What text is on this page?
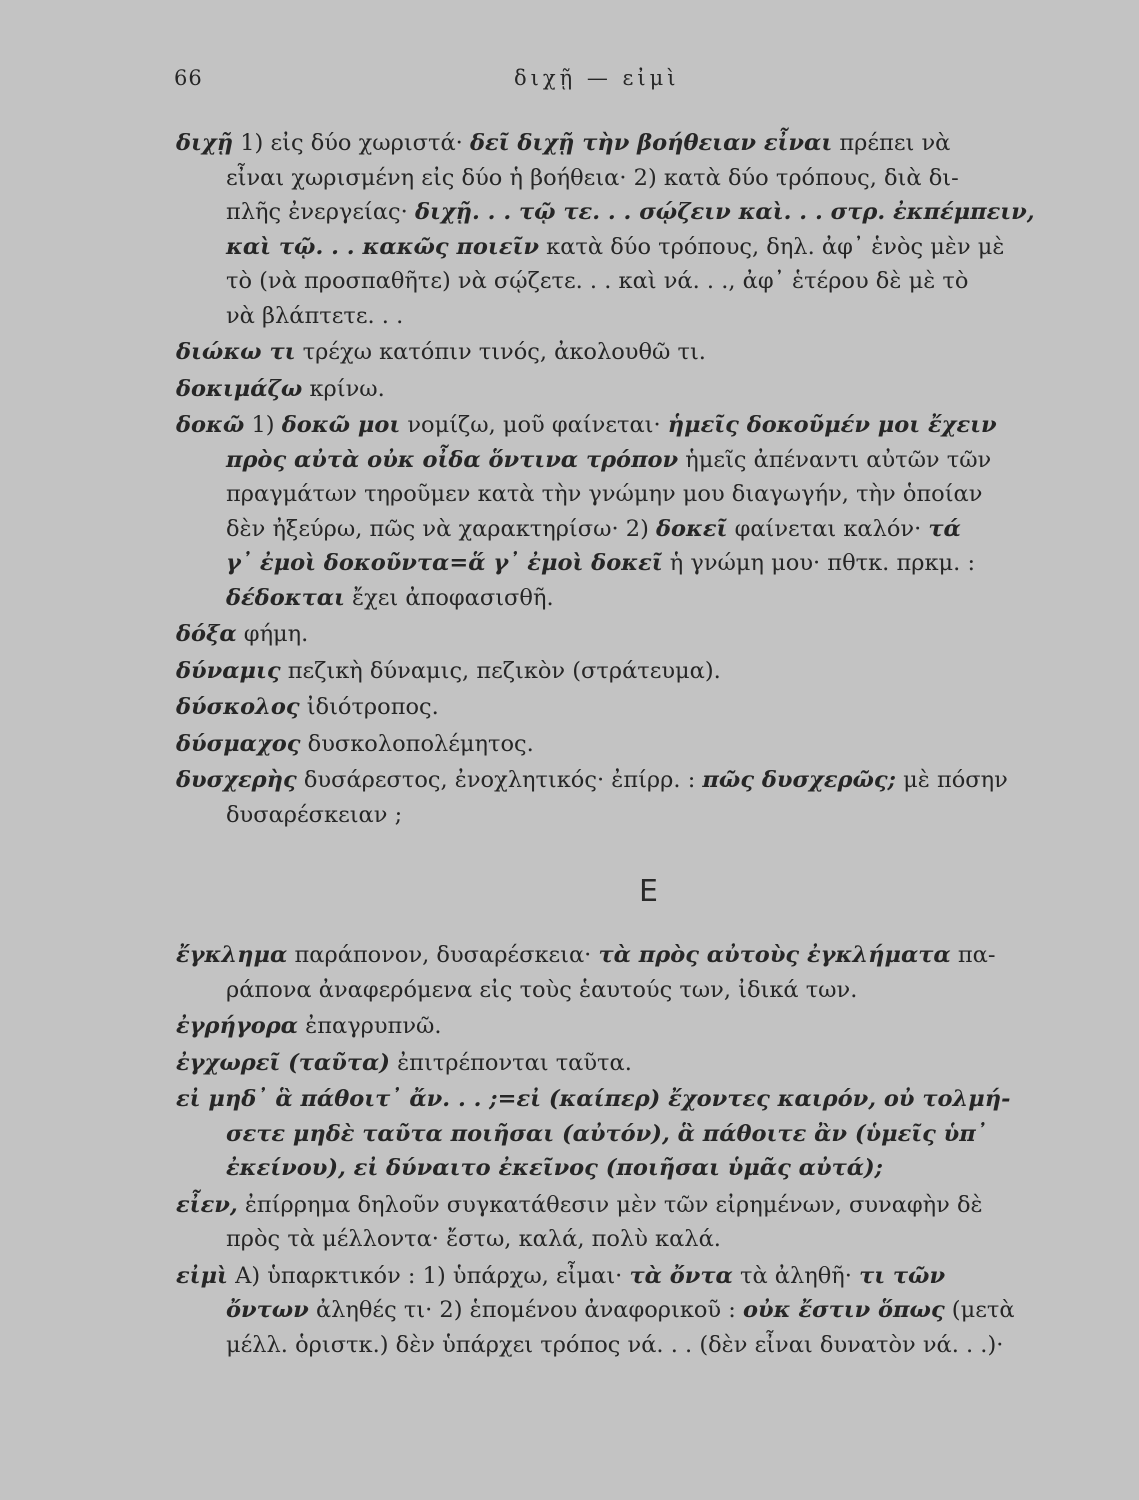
66	διχῇ — εἰμὶ
διχῇ 1) εἰς δύο χωριστά· δεῖ διχῇ τὴν βοήθειαν εἶναι πρέπει νὰ
εἶναι χωρισμένη εἰς δύο ἡ βοήθεια· 2) κατὰ δύο τρόπους, διὰ δι-
πλῆς ἐνεργείας· διχῇ. . . τῷ τε. . . σῴζειν καὶ. . . στρ. ἐκπέμπειν,
καὶ τῷ. . . κακῶς ποιεῖν κατὰ δύο τρόπους, δηλ. ἀφ᾽ ἑνὸς μὲν μὲ
τὸ (νὰ προσπαθῆτε) νὰ σῴζετε. . . καὶ νά. . ., ἀφ᾽ ἑτέρου δὲ μὲ τὸ
νὰ βλάπτετε. . .
διώκω τι τρέχω κατόπιν τινός, ἀκολουθῶ τι.
δοκιμάζω κρίνω.
δοκῶ 1) δοκῶ μοι νομίζω, μοῦ φαίνεται· ἡμεῖς δοκοῦμέν μοι ἔχειν
πρὸς αὐτὰ οὐκ οἶδα ὅντινα τρόπον ἡμεῖς ἀπέναντι αὐτῶν τῶν
πραγμάτων τηροῦμεν κατὰ τὴν γνώμην μου διαγωγήν, τὴν ὁποίαν
δὲν ἠξεύρω, πῶς νὰ χαρακτηρίσω· 2) δοκεῖ φαίνεται καλόν· τά
γ᾽ ἐμοὶ δοκοῦντα=ἅ γ᾽ ἐμοὶ δοκεῖ ἡ γνώμη μου· πθτκ. πρκμ. :
δέδοκται ἔχει ἀποφασισθῆ.
δόξα φήμη.
δύναμις πεζικὴ δύναμις, πεζικὸν (στράτευμα).
δύσκολος ἰδιότροπος.
δύσμαχος δυσκολοπολέμητος.
δυσχερὴς δυσάρεστος, ἐνοχλητικός· ἐπίρρ. : πῶς δυσχερῶς; μὲ πόσην
δυσαρέσκειαν ;
Ε
ἔγκλημα παράπονον, δυσαρέσκεια· τὰ πρὸς αὐτοὺς ἐγκλήματα πα-
ράπονα ἀναφερόμενα εἰς τοὺς ἑαυτούς των, ἰδικά των.
ἐγρήγορα ἐπαγρυπνῶ.
ἐγχωρεῖ (ταῦτα) ἐπιτρέπονται ταῦτα.
εἰ μηδ᾽ ἃ πάθοιτ᾽ ἄν. . . ;=εἰ (καίπερ) ἔχοντες καιρόν, οὐ τολμή-
σετε μηδὲ ταῦτα ποιῆσαι (αὐτόν), ἃ πάθοιτε ἂν (ὑμεῖς ὑπ᾽
ἐκείνου), εἰ δύναιτο ἐκεῖνος (ποιῆσαι ὑμᾶς αὐτά);
εἶεν, ἐπίρρημα δηλοῦν συγκατάθεσιν μὲν τῶν εἰρημένων, συναφὴν δὲ
πρὸς τὰ μέλλοντα· ἔστω, καλά, πολὺ καλά.
εἰμὶ Α) ὑπαρκτικόν : 1) ὑπάρχω, εἶμαι· τὰ ὄντα τὰ ἀληθῆ· τι τῶν
ὄντων ἀληθές τι· 2) ἑπομένου ἀναφορικοῦ : οὐκ ἔστιν ὅπως (μετὰ
μέλλ. ὁριστκ.) δὲν ὑπάρχει τρόπος νά. . . (δὲν εἶναι δυνατὸν νά. . .)·
